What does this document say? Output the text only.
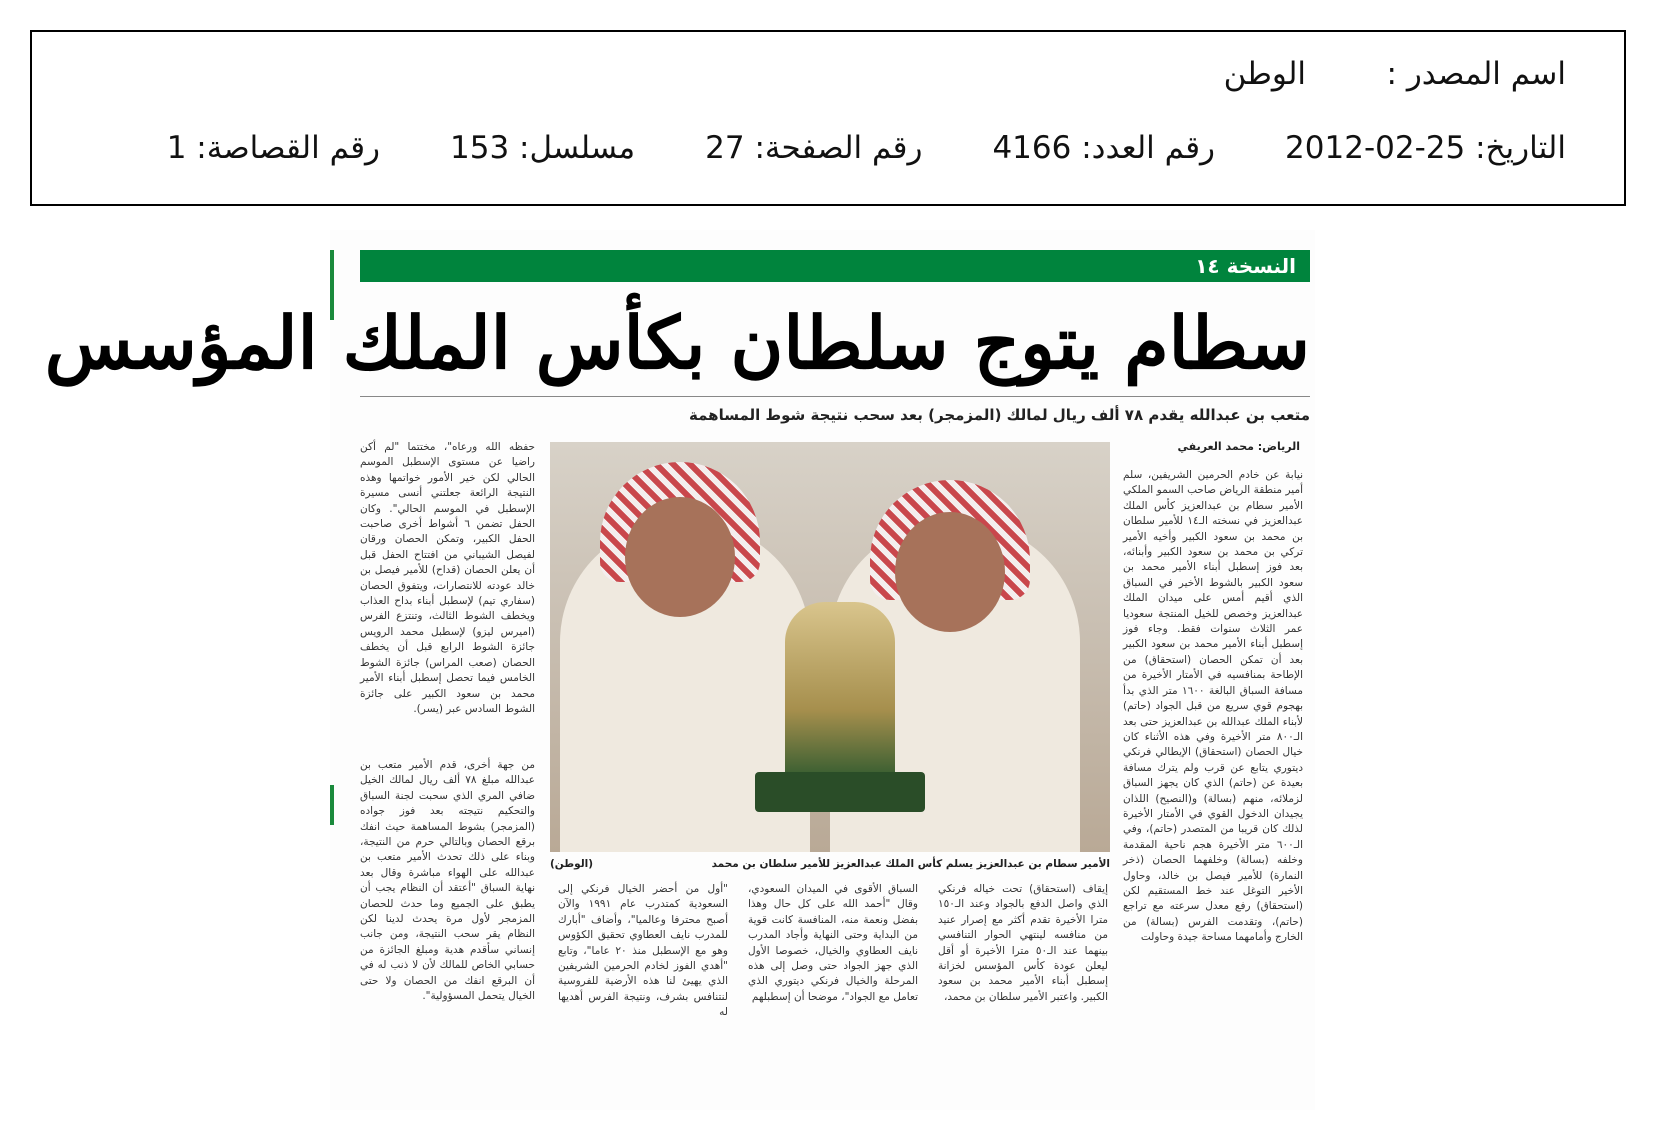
اسم المصدر :
الوطن
التاريخ: 25-02-2012
رقم العدد: 4166
رقم الصفحة: 27
مسلسل: 153
رقم القصاصة: 1
النسخة ١٤
سطام يتوج سلطان بكأس الملك المؤسس
متعب بن عبدالله يقدم ٧٨ ألف ريال لمالك (المزمجر) بعد سحب نتيجة شوط المساهمة
الرياض: محمد العريفي
نيابة عن خادم الحرمين الشريفين، سلم أمير منطقة الرياض صاحب السمو الملكي الأمير سطام بن عبدالعزيز كأس الملك عبدالعزيز في نسخته الـ١٤ للأمير سلطان بن محمد بن سعود الكبير وأخيه الأمير تركي بن محمد بن سعود الكبير وأبنائه، بعد فوز إسطبل أبناء الأمير محمد بن سعود الكبير بالشوط الأخير في السباق الذي أقيم أمس على ميدان الملك عبدالعزيز وخصص للخيل المنتجة سعوديا عمر الثلاث سنوات فقط. وجاء فوز إسطبل أبناء الأمير محمد بن سعود الكبير بعد أن تمكن الحصان (استحقاق) من الإطاحة بمنافسيه في الأمتار الأخيرة من مسافة السباق البالغة ١٦٠٠ متر الذي بدأ بهجوم قوي سريع من قبل الجواد (حاتم) لأبناء الملك عبدالله بن عبدالعزيز حتى بعد الـ٨٠٠ متر الأخيرة وفي هذه الأثناء كان خيال الحصان (استحقاق) الإيطالي فرنكي ديتوري يتابع عن قرب ولم يترك مسافة بعيدة عن (حاتم) الذي كان يجهز السباق لزملائه، منهم (بسالة) و(النصيح) اللذان يجيدان الدخول القوي في الأمتار الأخيرة لذلك كان قريبا من المتصدر (حاتم)، وفي الـ٦٠٠ متر الأخيرة هجم ناحية المقدمة وخلفه (بسالة) وخلفهما الحصان (ذخر النمارة) للأمير فيصل بن خالد، وحاول الأخير التوغل عند خط المستقيم لكن (استحقاق) رفع معدل سرعته مع تراجع (حاتم)، وتقدمت الفرس (بسالة) من الخارج وأمامهما مساحة جيدة وحاولت
حفظه الله ورعاه"، مختتما "لم أكن راضيا عن مستوى الإسطبل الموسم الحالي لكن خير الأمور خواتمها وهذه النتيجة الرائعة جعلتني أنسى مسيرة الإسطبل في الموسم الحالي". وكان الحفل تضمن ٦ أشواط أخرى صاحبت الحفل الكبير، وتمكن الحصان ورقان لفيصل الشيباني من افتتاح الحفل قبل أن يعلن الحصان (قداح) للأمير فيصل بن خالد عودته للانتصارات، ويتفوق الحصان (سفاري تيم) لإسطبل أبناء بداح العذاب ويخطف الشوط الثالث، وتنتزع الفرس (اميرس ليزو) لإسطبل محمد الرويس جائزة الشوط الرابع قبل أن يخطف الحصان (صعب المراس) جائزة الشوط الخامس فيما تحصل إسطبل أبناء الأمير محمد بن سعود الكبير على جائزة الشوط السادس عبر (يسر).
من جهة أخرى، قدم الأمير متعب بن عبدالله مبلغ ٧٨ ألف ريال لمالك الخيل ضافي المري الذي سحبت لجنة السباق والتحكيم نتيجته بعد فوز جواده (المزمجر) بشوط المساهمة حيث انفك برقع الحصان وبالتالي حرم من النتيجة، وبناء على ذلك تحدث الأمير متعب بن عبدالله على الهواء مباشرة وقال بعد نهاية السباق "أعتقد أن النظام يجب أن يطبق على الجميع وما حدث للحصان المزمجر لأول مرة يحدث لدينا لكن النظام يقر سحب النتيجة، ومن جانب إنساني سأقدم هدية ومبلغ الجائزة من حسابي الخاص للمالك لأن لا ذنب له في أن البرقع انفك من الحصان ولا حتى الخيال يتحمل المسؤولية".
الأمير سطام بن عبدالعزيز يسلم كأس الملك عبدالعزيز للأمير سلطان بن محمد
(الوطن)
إيقاف (استحقاق) تحت خياله فرنكي الذي واصل الدفع بالجواد وعند الـ١٥٠ مترا الأخيرة تقدم أكثر مع إصرار عنيد من منافسه لينتهي الحوار التنافسي بينهما عند الـ٥٠ مترا الأخيرة أو أقل ليعلن عودة كأس المؤسس لخزانة إسطبل أبناء الأمير محمد بن سعود الكبير. واعتبر الأمير سلطان بن محمد،
السباق الأقوى في الميدان السعودي، وقال "أحمد الله على كل حال وهذا بفضل ونعمة منه، المنافسة كانت قوية من البداية وحتى النهاية وأجاد المدرب نايف العطاوي والخيال، خصوصا الأول الذي جهز الجواد حتى وصل إلى هذه المرحلة والخيال فرنكي ديتوري الذي تعامل مع الجواد"، موضحا أن إسطبلهم
"أول من أحضر الخيال فرنكي إلى السعودية كمتدرب عام ١٩٩١ والآن أصبح محترفا وعالميا"، وأضاف "أبارك للمدرب نايف العطاوي تحقيق الكؤوس وهو مع الإسطبل منذ ٢٠ عاما"، وتابع "أهدي الفوز لخادم الحرمين الشريفين الذي يهيئ لنا هذه الأرضية للفروسية لنتنافس بشرف، ونتيجة الفرس أهديها له
